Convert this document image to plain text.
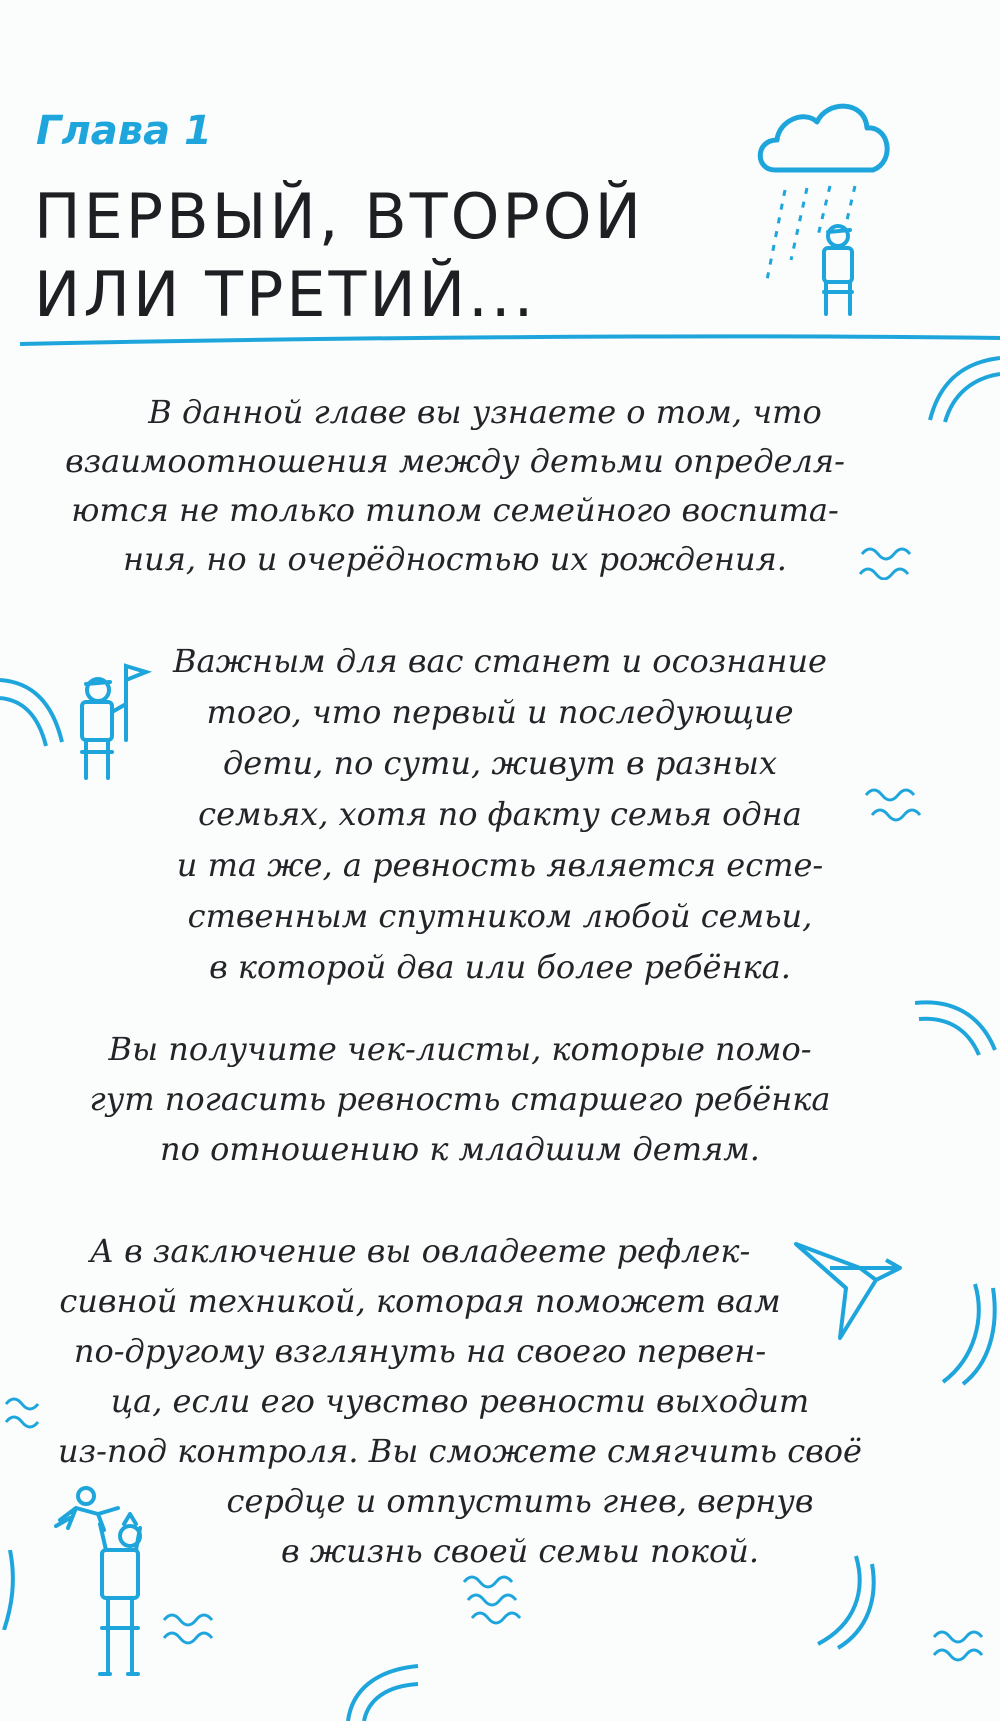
Глава 1
ПЕРВЫЙ, ВТОРОЙ
ИЛИ ТРЕТИЙ...
В данной главе вы узнаете о том, что
взаимоотношения между детьми определя-
ются не только типом семейного воспита-
ния, но и очерёдностью их рождения.
Важным для вас станет и осознание
того, что первый и последующие
дети, по сути, живут в разных
семьях, хотя по факту семья одна
и та же, а ревность является есте-
ственным спутником любой семьи,
в которой два или более ребёнка.
Вы получите чек-листы, которые помо-
гут погасить ревность старшего ребёнка
по отношению к младшим детям.
А в заключение вы овладеете рефлек-
сивной техникой, которая поможет вам
по-другому взглянуть на своего первен-
ца, если его чувство ревности выходит
из-под контроля. Вы сможете смягчить своё
сердце и отпустить гнев, вернув
в жизнь своей семьи покой.
